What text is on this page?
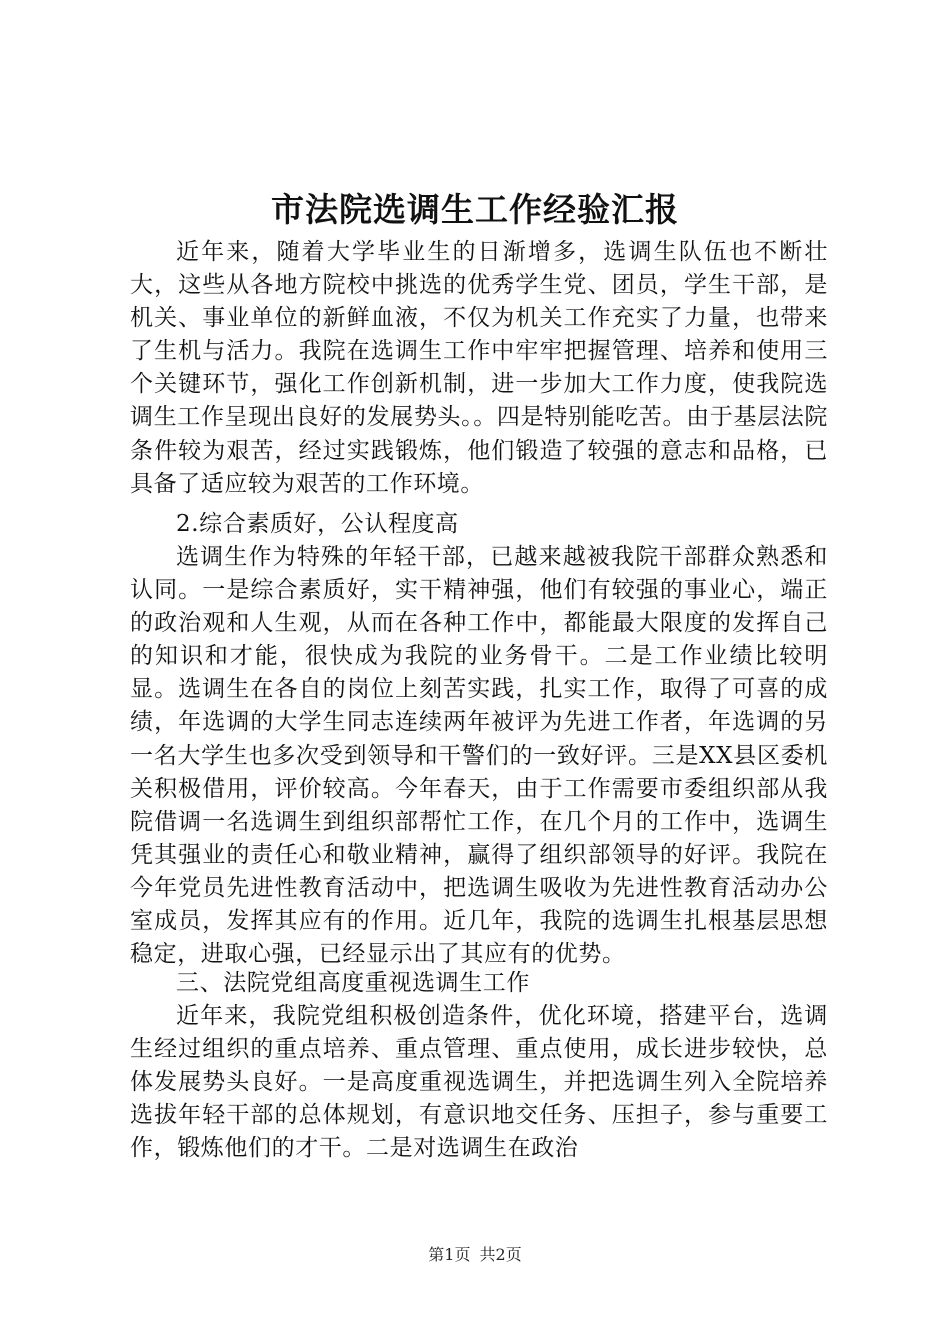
市法院选调生工作经验汇报

近年来，随着大学毕业生的日渐增多，选调生队伍也不断壮大，这些从各地方院校中挑选的优秀学生党、团员，学生干部，是机关、事业单位的新鲜血液，不仅为机关工作充实了力量，也带来了生机与活力。我院在选调生工作中牢牢把握管理、培养和使用三个关键环节，强化工作创新机制，进一步加大工作力度，使我院选调生工作呈现出良好的发展势头。。四是特别能吃苦。由于基层法院条件较为艰苦，经过实践锻炼，他们锻造了较强的意志和品格，已具备了适应较为艰苦的工作环境。

2.综合素质好，公认程度高

选调生作为特殊的年轻干部，已越来越被我院干部群众熟悉和认同。一是综合素质好，实干精神强，他们有较强的事业心，端正的政治观和人生观，从而在各种工作中，都能最大限度的发挥自己的知识和才能，很快成为我院的业务骨干。二是工作业绩比较明显。选调生在各自的岗位上刻苦实践，扎实工作，取得了可喜的成绩，年选调的大学生同志连续两年被评为先进工作者，年选调的另一名大学生也多次受到领导和干警们的一致好评。三是XX县区委机关积极借用，评价较高。今年春天，由于工作需要市委组织部从我院借调一名选调生到组织部帮忙工作，在几个月的工作中，选调生凭其强业的责任心和敬业精神，赢得了组织部领导的好评。我院在今年党员先进性教育活动中，把选调生吸收为先进性教育活动办公室成员，发挥其应有的作用。近几年，我院的选调生扎根基层思想稳定，进取心强，已经显示出了其应有的优势。

三、法院党组高度重视选调生工作

近年来，我院党组积极创造条件，优化环境，搭建平台，选调生经过组织的重点培养、重点管理、重点使用，成长进步较快，总体发展势头良好。一是高度重视选调生，并把选调生列入全院培养选拔年轻干部的总体规划，有意识地交任务、压担子，参与重要工作，锻炼他们的才干。二是对选调生在政治

第1页 共2页
